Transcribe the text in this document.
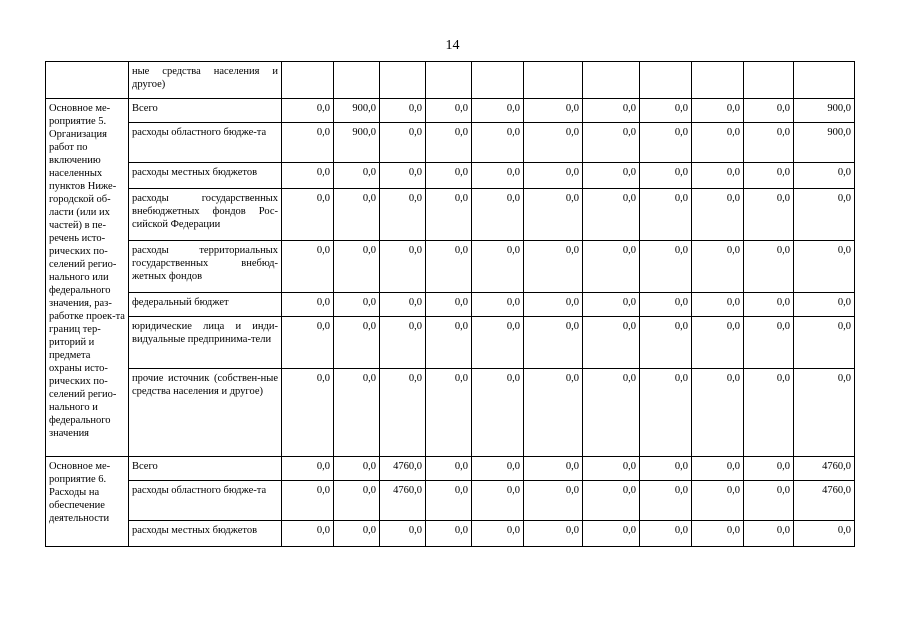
14
	ные средства населения и другое)											
Основное ме-роприятие 5. Организация работ по включению населенных пунктов Ниже-городской об-ласти (или их частей) в пе-речень исто-рических по-селений регио-нального или федерального значения, раз-работке проек-та границ тер-риторий и предмета охраны исто-рических по-селений регио-нального и федерального значения	Всего	0,0	900,0	0,0	0,0	0,0	0,0	0,0	0,0	0,0	0,0	900,0
	расходы областного бюдже-та	0,0	900,0	0,0	0,0	0,0	0,0	0,0	0,0	0,0	0,0	900,0
	расходы местных бюджетов	0,0	0,0	0,0	0,0	0,0	0,0	0,0	0,0	0,0	0,0	0,0
	расходы государственных внебюджетных фондов Рос-сийской Федерации	0,0	0,0	0,0	0,0	0,0	0,0	0,0	0,0	0,0	0,0	0,0
	расходы территориальных государственных внебюд-жетных фондов	0,0	0,0	0,0	0,0	0,0	0,0	0,0	0,0	0,0	0,0	0,0
	федеральный бюджет	0,0	0,0	0,0	0,0	0,0	0,0	0,0	0,0	0,0	0,0	0,0
	юридические лица и инди-видуальные предпринима-тели	0,0	0,0	0,0	0,0	0,0	0,0	0,0	0,0	0,0	0,0	0,0
	прочие источник (собствен-ные средства населения и другое)	0,0	0,0	0,0	0,0	0,0	0,0	0,0	0,0	0,0	0,0	0,0
Основное ме-роприятие 6. Расходы на обеспечение деятельности	Всего	0,0	0,0	4760,0	0,0	0,0	0,0	0,0	0,0	0,0	0,0	4760,0
	расходы областного бюдже-та	0,0	0,0	4760,0	0,0	0,0	0,0	0,0	0,0	0,0	0,0	4760,0
	расходы местных бюджетов	0,0	0,0	0,0	0,0	0,0	0,0	0,0	0,0	0,0	0,0	0,0
